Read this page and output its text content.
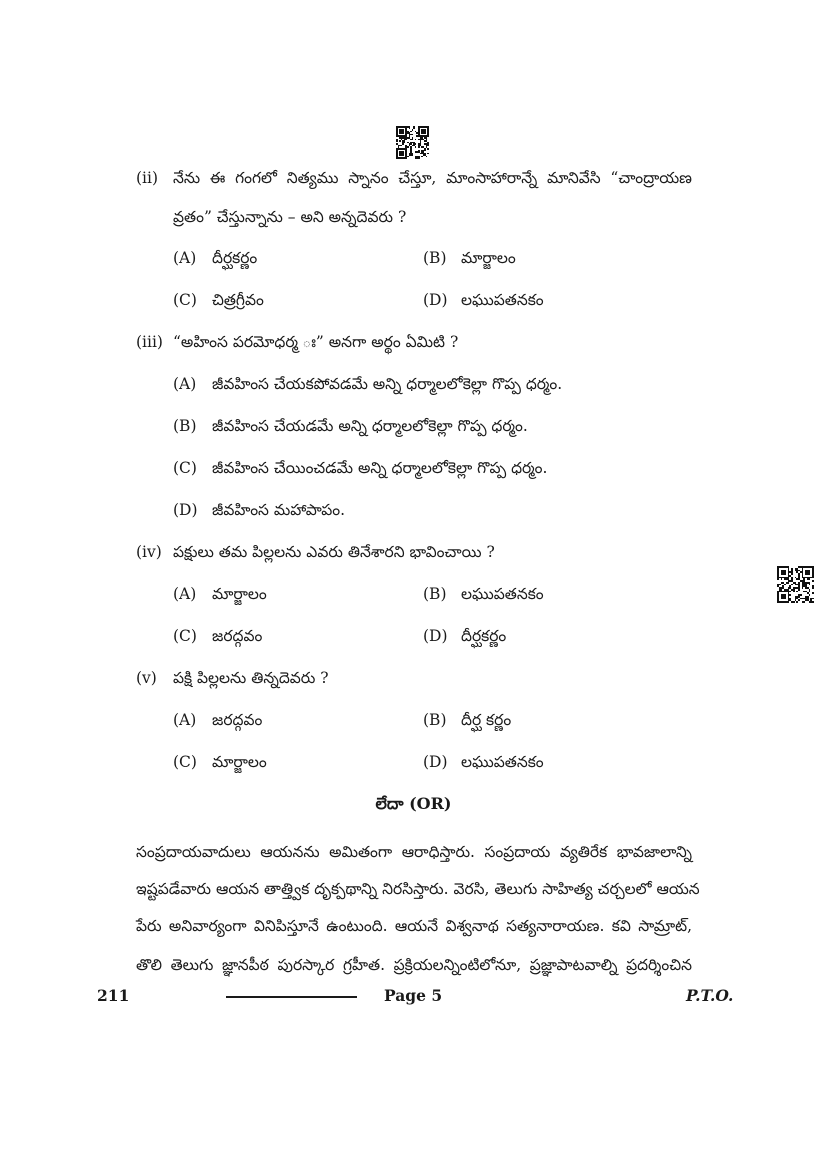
(ii) నేను ఈ గంగలో నిత్యము స్నానం చేస్తూ, మాంసాహారాన్నే మానివేసి “చాంద్రాయణ
వ్రతం” చేస్తున్నాను – అని అన్నదెవరు ?
(A) దీర్ఘకర్ణం	(B) మార్జాలం
(C) చిత్రగ్రీవం	(D) లఘుపతనకం
(iii) “అహింస పరమోధర్మ ః” అనగా అర్థం ఏమిటి ?
(A) జీవహింస చేయకపోవడమే అన్ని ధర్మాలలోకెల్లా గొప్ప ధర్మం.
(B) జీవహింస చేయడమే అన్ని ధర్మాలలోకెల్లా గొప్ప ధర్మం.
(C) జీవహింస చేయించడమే అన్ని ధర్మాలలోకెల్లా గొప్ప ధర్మం.
(D) జీవహింస మహాపాపం.
(iv) పక్షులు తమ పిల్లలను ఎవరు తినేశారని భావించాయి ?
(A) మార్జాలం	(B) లఘుపతనకం
(C) జరద్గవం	(D) దీర్ఘకర్ణం
(v) పక్షి పిల్లలను తిన్నదెవరు ?
(A) జరద్గవం	(B) దీర్ఘ కర్ణం
(C) మార్జాలం	(D) లఘుపతనకం
లేదా (OR)
సంప్రదాయవాదులు ఆయనను అమితంగా ఆరాధిస్తారు. సంప్రదాయ వ్యతిరేక భావజాలాన్ని
ఇష్టపడేవారు ఆయన తాత్త్విక దృక్పథాన్ని నిరసిస్తారు. వెరసి, తెలుగు సాహిత్య చర్చలలో ఆయన
పేరు అనివార్యంగా వినిపిస్తూనే ఉంటుంది. ఆయనే విశ్వనాథ సత్యనారాయణ. కవి సామ్రాట్,
తొలి తెలుగు జ్ఞానపీఠ పురస్కార గ్రహీత. ప్రక్రియలన్నింటిలోనూ, ప్రజ్ఞాపాటవాల్ని ప్రదర్శించిన
211	Page 5	P.T.O.
